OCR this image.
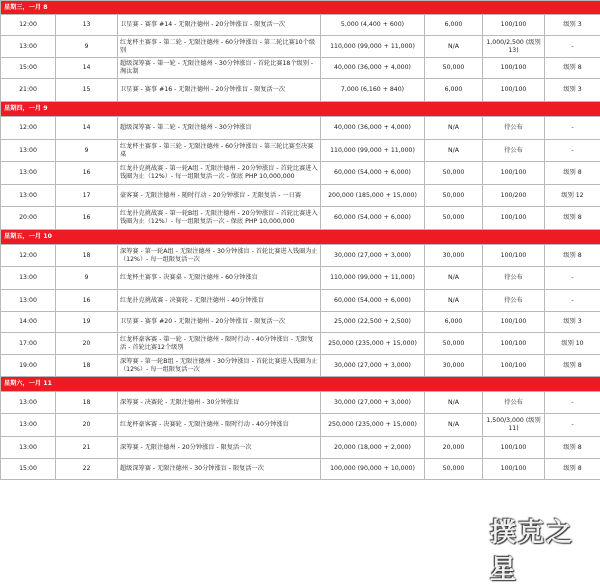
星期三，一月 8						
12:00	13	卫星赛 - 赛事 #14 - 无限注德州 - 20分钟涨盲 - 限复活一次	5,000 (4,400 + 600)	6,000	100/100	级别 3
13:00	9	红龙杯主赛事 - 第二轮 - 无限注德州 - 60分钟涨盲 - 第二轮比赛10个级别	110,000 (99,000 + 11,000)	N/A	1,000/2,500 (级别 13)	-
15:00	14	超级深筹赛 - 第一轮 - 无限注德州 - 30分钟涨盲 - 首轮比赛18个级别 - 淘汰制	40,000 (36,000 + 4,000)	50,000	100/100	级别 8
21:00	15	卫星赛 - 赛事 #16 - 无限注德州 - 20分钟涨盲 - 限复活一次	7,000 (6,160 + 840)	6,000	100/100	级别 3
星期四，一月 9						
12:00	14	超级深筹赛 - 第二轮 - 无限注德州 - 30分钟涨盲	40,000 (36,000 + 4,000)	N/A	待公布	-
13:00	9	红龙杯主赛事 - 第三轮 - 无限注德州 - 60分钟涨盲 - 第三轮比赛至决赛桌	110,000 (99,000 + 11,000)	N/A	待公布	-
13:00	16	红龙扑克挑战赛 - 第一轮A组 - 无限注德州 - 20分钟涨盲 - 首轮比赛进入钱圈为止（12%）- 每一组限复活一次 - 保底 PHP 10,000,000	60,000 (54,000 + 6,000)	50,000	100/100	级别 8
13:00	17	豪客赛 - 无限注德州 - 随时行动 - 20分钟涨盲 - 无限复活 - 一日赛	200,000 (185,000 + 15,000)	50,000	100/200	级别 12
20:00	16	红龙扑克挑战赛 - 第一轮B组 - 无限注德州 - 20分钟涨盲 - 首轮比赛进入钱圈为止（12%）- 每一组限复活一次 - 保底 PHP 10,000,000	60,000 (54,000 + 6,000)	50,000	100/100	级别 8
星期五，一月 10						
12:00	18	深筹赛 - 第一轮A组 - 无限注德州 - 30分钟涨盲 - 首轮比赛进入钱圈为止（12%）- 每一组限复活一次	30,000 (27,000 + 3,000)	30,000	100/100	级别 8
13:00	9	红龙杯主赛事 - 决赛桌 - 无限注德州 - 60分钟涨盲	110,000 (99,000 + 11,000)	N/A	待公布	-
13:00	16	红龙扑克挑战赛 - 决赛轮 - 无限注德州 - 40分钟涨盲	60,000 (54,000 + 6,000)	N/A	待公布	-
14:00	19	卫星赛 - 赛事 #20 - 无限注德州 - 20分钟涨盲 - 限复活一次	25,000 (22,500 + 2,500)	6,000	100/100	级别 3
17:00	20	红龙杯豪客赛 - 第一轮 - 无限注德州 - 限时行动 - 40分钟涨盲 - 无限复活 - 首轮比赛12个级别	250,000 (235,000 + 15,000)	50,000	100/100	级别 10
19:00	18	深筹赛 - 第一轮B组 - 无限注德州 - 30分钟涨盲 - 首轮比赛进入钱圈为止（12%）- 每一组限复活一次	30,000 (27,000 + 3,000)	30,000	100/100	级别 8
星期六，一月 11						
13:00	18	深筹赛 - 决赛轮 - 无限注德州 - 30分钟涨盲	30,000 (27,000 + 3,000)	N/A	待公布	-
13:00	20	红龙杯豪客赛 - 决赛轮 - 无限注德州 - 限时行动 - 40分钟涨盲	250,000 (235,000 + 15,000)	N/A	1,500/3,000 (级别 11)	-
13:00	21	深筹赛 - 无限注德州 - 20分钟涨盲 - 限复活一次	20,000 (18,000 + 2,000)	20,000	100/100	级别 8
15:00	22	超级深筹赛 - 无限注德州 - 30分钟涨盲 - 限复活一次	100,000 (90,000 + 10,000)	50,000	100/100	级别 8
撲克之星
